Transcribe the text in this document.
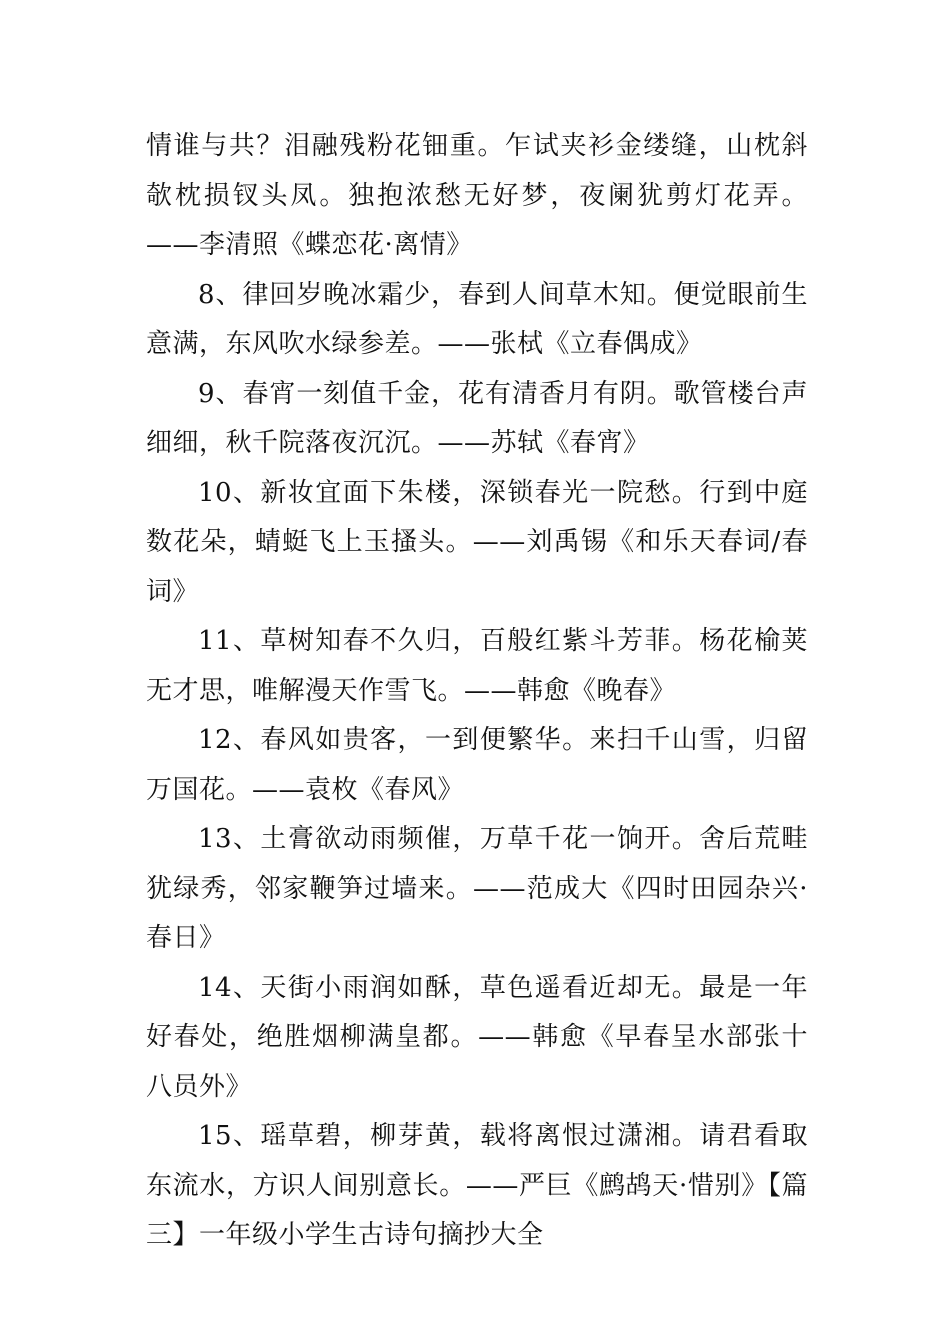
情谁与共？泪融残粉花钿重。乍试夹衫金缕缝，山枕斜欹枕损钗头凤。独抱浓愁无好梦，夜阑犹剪灯花弄。——李清照《蝶恋花·离情》

8、律回岁晚冰霜少，春到人间草木知。便觉眼前生意满，东风吹水绿参差。——张栻《立春偶成》

9、春宵一刻值千金，花有清香月有阴。歌管楼台声细细，秋千院落夜沉沉。——苏轼《春宵》

10、新妆宜面下朱楼，深锁春光一院愁。行到中庭数花朵，蜻蜓飞上玉搔头。——刘禹锡《和乐天春词/春词》

11、草树知春不久归，百般红紫斗芳菲。杨花榆荚无才思，唯解漫天作雪飞。——韩愈《晚春》

12、春风如贵客，一到便繁华。来扫千山雪，归留万国花。——袁枚《春风》

13、土膏欲动雨频催，万草千花一饷开。舍后荒畦犹绿秀，邻家鞭笋过墙来。——范成大《四时田园杂兴·春日》

14、天街小雨润如酥，草色遥看近却无。最是一年好春处，绝胜烟柳满皇都。——韩愈《早春呈水部张十八员外》

15、瑶草碧，柳芽黄，载将离恨过潇湘。请君看取东流水，方识人间别意长。——严巨《鹧鸪天·惜别》【篇三】一年级小学生古诗句摘抄大全
